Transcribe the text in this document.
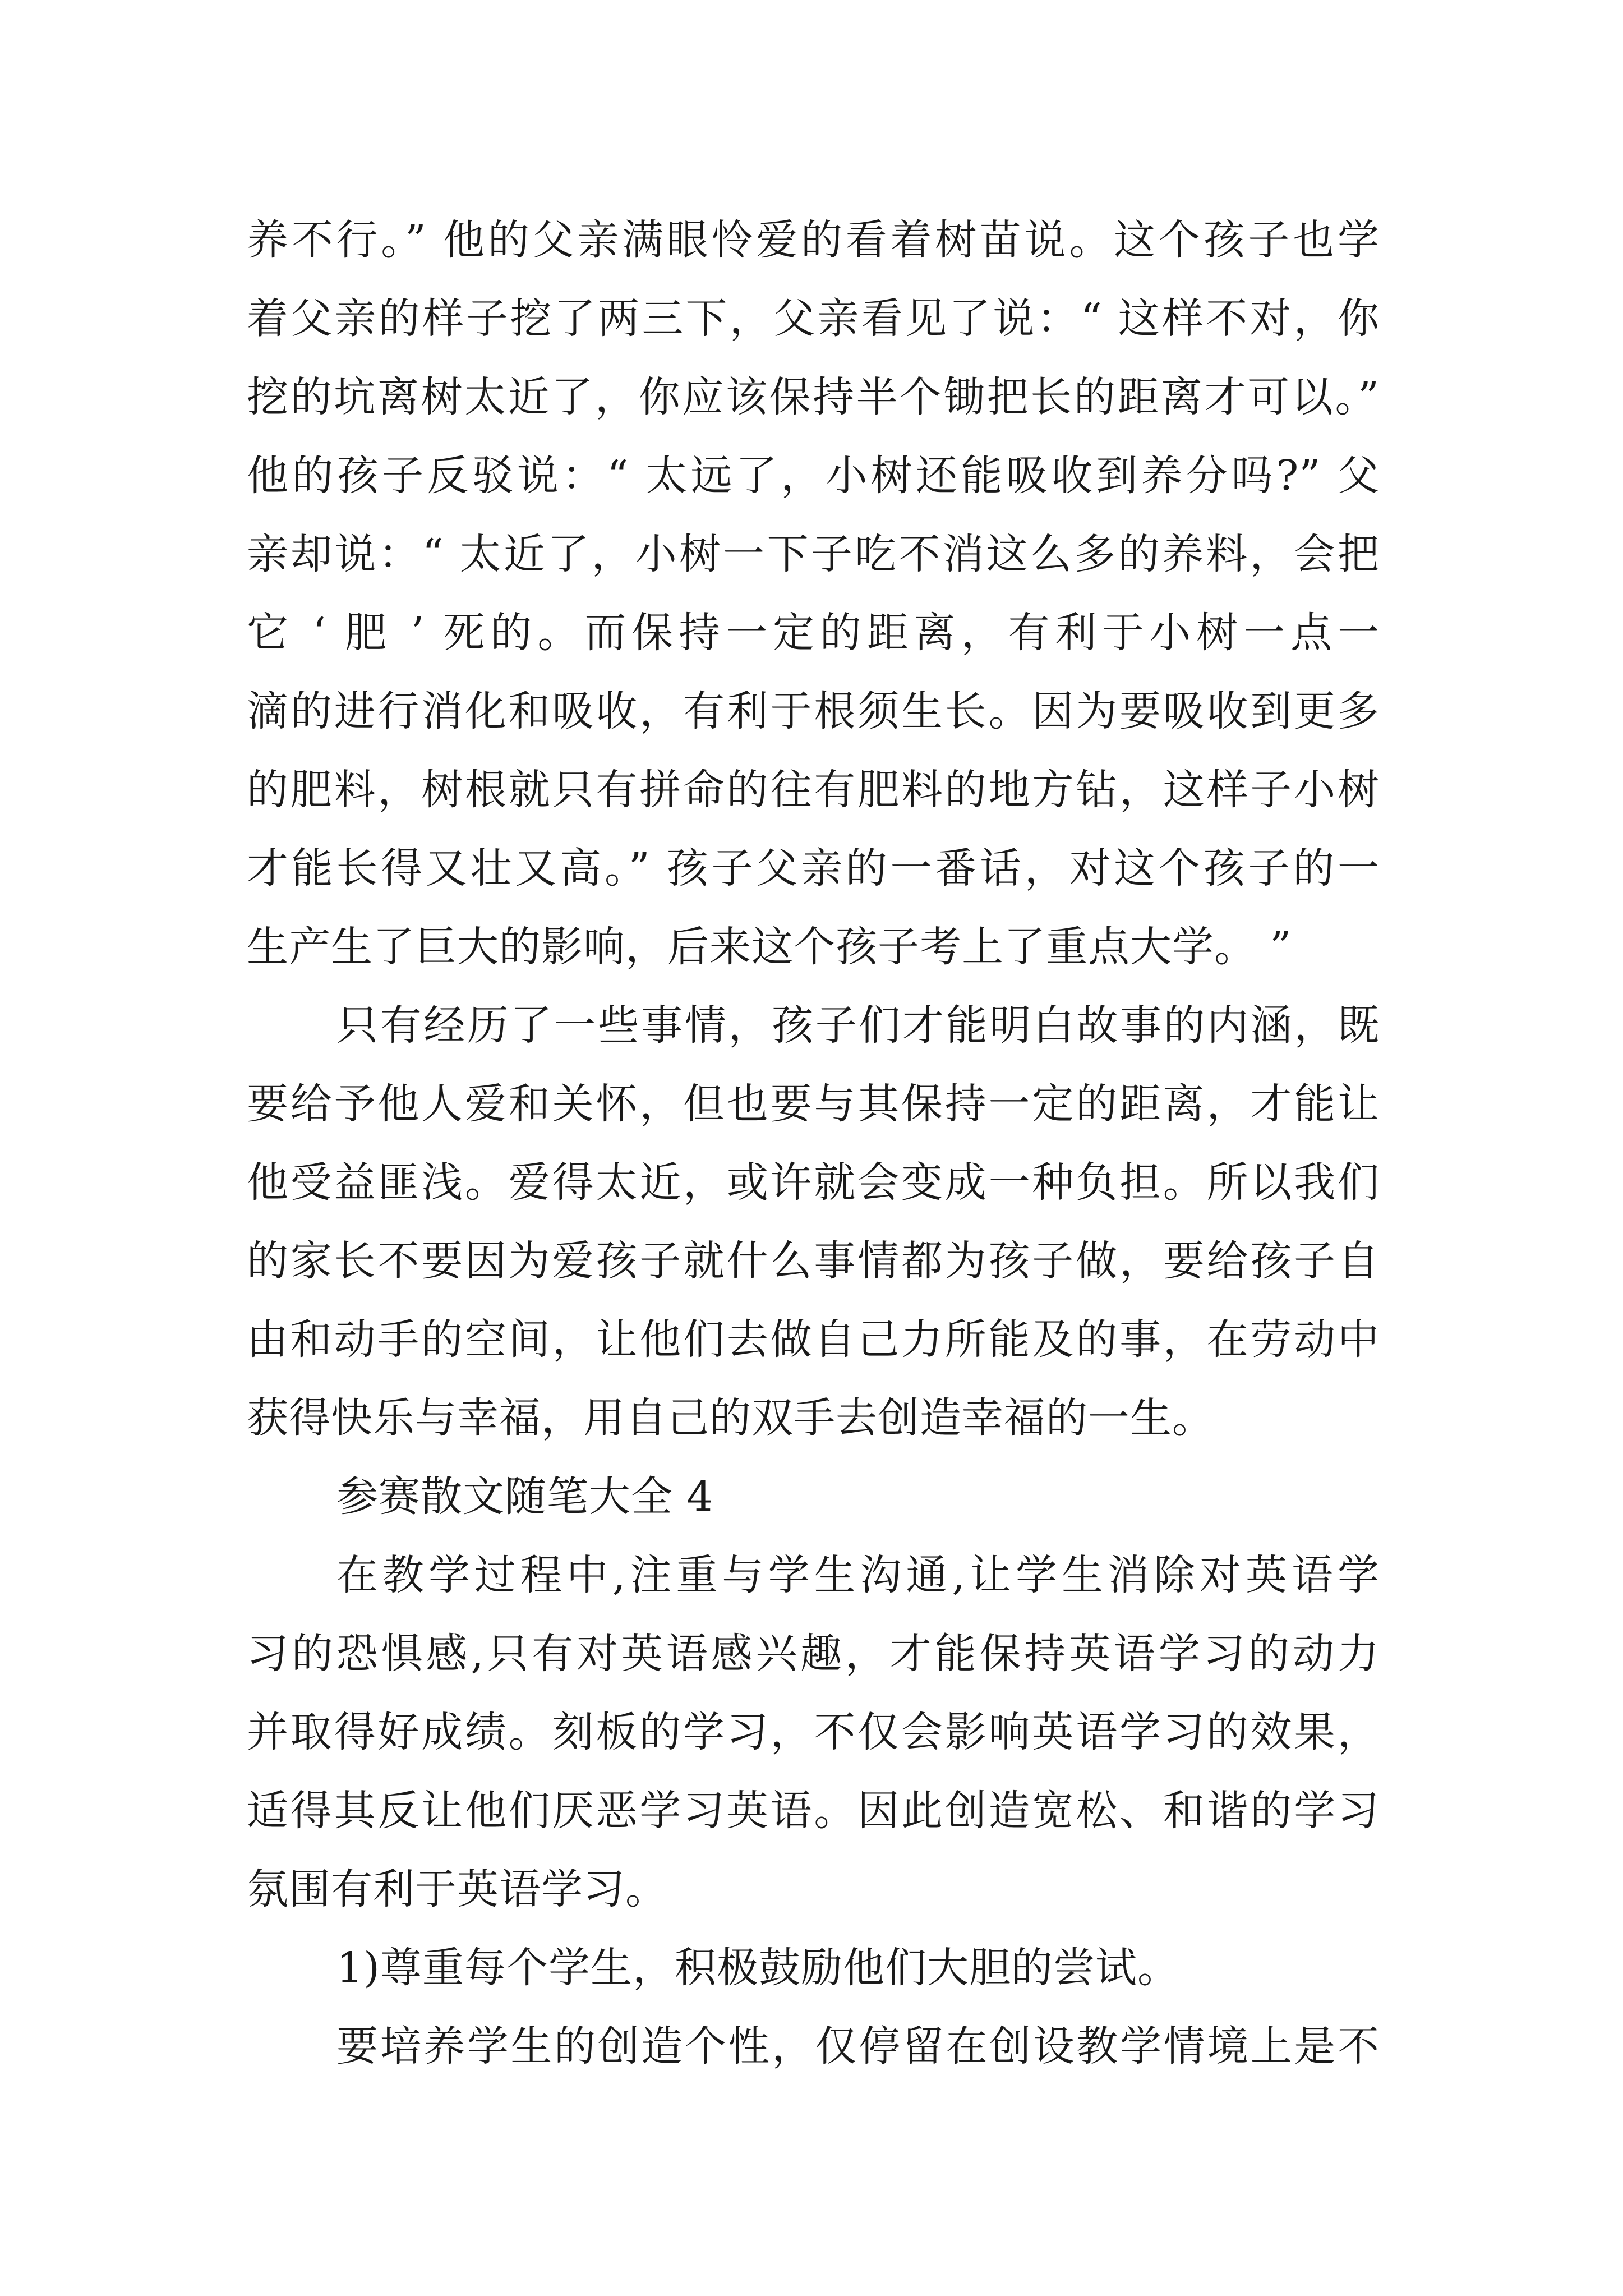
养不行。” 他的父亲满眼怜爱的看着树苗说。这个孩子也学
着父亲的样子挖了两三下，父亲看见了说：“ 这样不对，你
挖的坑离树太近了，你应该保持半个锄把长的距离才可以。”
他的孩子反驳说：“ 太远了，小树还能吸收到养分吗?” 父
亲却说：“ 太近了，小树一下子吃不消这么多的养料，会把
它 ‘ 肥 ’ 死的。而保持一定的距离，有利于小树一点一
滴的进行消化和吸收，有利于根须生长。因为要吸收到更多
的肥料，树根就只有拼命的往有肥料的地方钻，这样子小树
才能长得又壮又高。” 孩子父亲的一番话，对这个孩子的一
生产生了巨大的影响，后来这个孩子考上了重点大学。 ”
只有经历了一些事情，孩子们才能明白故事的内涵，既
要给予他人爱和关怀，但也要与其保持一定的距离，才能让
他受益匪浅。爱得太近，或许就会变成一种负担。所以我们
的家长不要因为爱孩子就什么事情都为孩子做，要给孩子自
由和动手的空间，让他们去做自己力所能及的事，在劳动中
获得快乐与幸福，用自己的双手去创造幸福的一生。
参赛散文随笔大全 4
在教学过程中,注重与学生沟通,让学生消除对英语学
习的恐惧感,只有对英语感兴趣，才能保持英语学习的动力
并取得好成绩。刻板的学习，不仅会影响英语学习的效果，
适得其反让他们厌恶学习英语。因此创造宽松、和谐的学习
氛围有利于英语学习。
1)尊重每个学生，积极鼓励他们大胆的尝试。
要培养学生的创造个性，仅停留在创设教学情境上是不
